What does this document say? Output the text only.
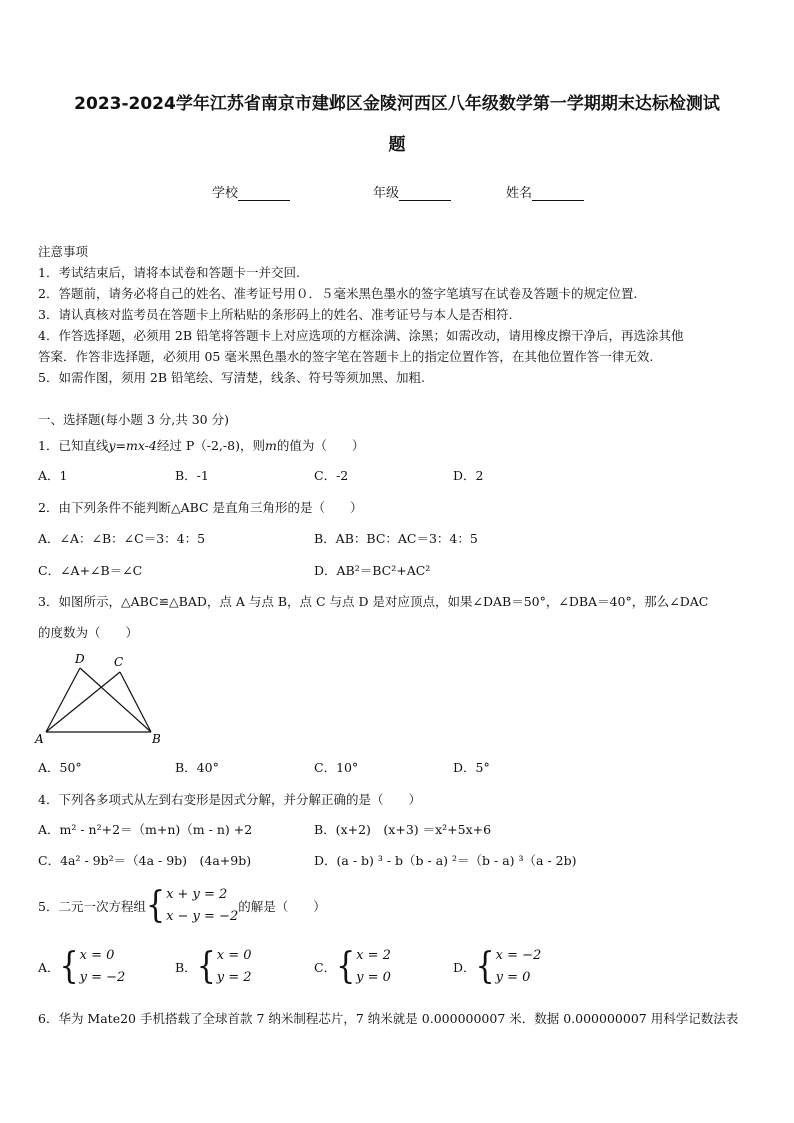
2023-2024学年江苏省南京市建邺区金陵河西区八年级数学第一学期期末达标检测试
题
学校	年级	姓名
注意事项
1．考试结束后，请将本试卷和答题卡一并交回.
2．答题前，请务必将自己的姓名、准考证号用０．５毫米黑色墨水的签字笔填写在试卷及答题卡的规定位置.
3．请认真核对监考员在答题卡上所粘贴的条形码上的姓名、准考证号与本人是否相符.
4．作答选择题，必须用 2B 铅笔将答题卡上对应选项的方框涂满、涂黑；如需改动，请用橡皮擦干净后，再选涂其他
答案．作答非选择题，必须用 05 毫米黑色墨水的签字笔在答题卡上的指定位置作答，在其他位置作答一律无效.
5．如需作图，须用 2B 铅笔绘、写清楚，线条、符号等须加黑、加粗.
一、选择题(每小题 3 分,共 30 分)
1．已知直线y=mx-4经过 P（-2,-8)，则m的值为（　　）
A．1	B．-1	C．-2	D．2
2．由下列条件不能判断△ABC 是直角三角形的是（　　）
A．∠A：∠B：∠C＝3：4：5	B．AB：BC：AC＝3：4：5
C．∠A+∠B＝∠C	D．AB²＝BC²+AC²
3．如图所示，△ABC≌△BAD，点 A 与点 B，点 C 与点 D 是对应顶点，如果∠DAB＝50°，∠DBA＝40°，那么∠DAC
的度数为（　　）
D C
A	B
A．50°	B．40°	C．10°	D．5°
4．下列各多项式从左到右变形是因式分解，并分解正确的是（　　）
A．m² - n²+2＝（m+n)（m - n) +2	B．(x+2)　(x+3) ＝x²+5x+6
C．4a² - 9b²＝（4a - 9b)　(4a+9b)	D．(a - b) ³ - b（b - a) ²＝（b - a) ³（a - 2b)
5．二元一次方程组 { x + y = 2
x − y = −2
的解是（　　）
A． { x = 0
y = −2
B． { x = 0
y = 2
C． { x = 2
y = 0
D． { x = −2
y = 0
6．华为 Mate20 手机搭载了全球首款 7 纳米制程芯片，7 纳米就是 0.000000007 米．数据 0.000000007 用科学记数法表
